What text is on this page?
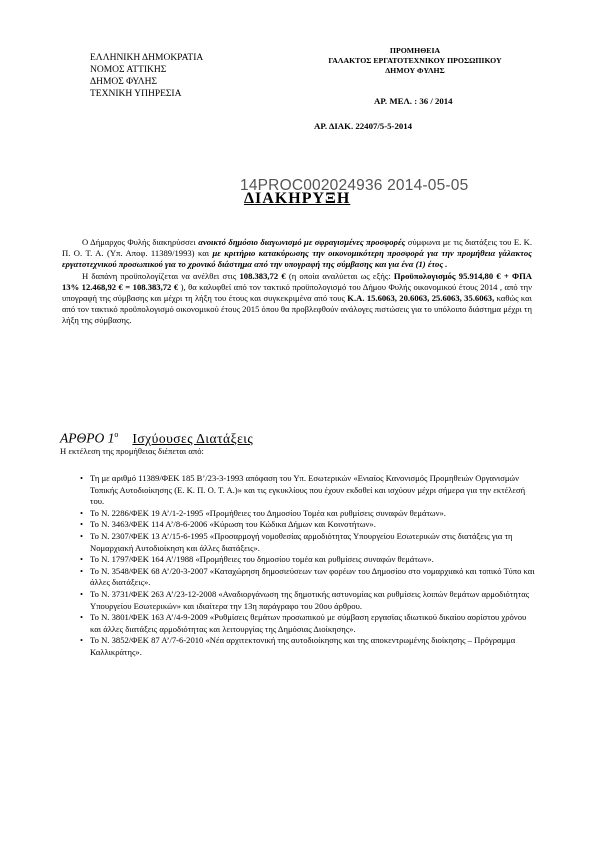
ΕΛΛΗΝΙΚΗ ΔΗΜΟΚΡΑΤΙΑ
ΝΟΜΟΣ ΑΤΤΙΚΗΣ
ΔΗΜΟΣ ΦΥΛΗΣ
ΤΕΧΝΙΚΗ ΥΠΗΡΕΣΙΑ
ΠΡΟΜΗΘΕΙΑ
ΓΑΛΑΚΤΟΣ ΕΡΓΑΤΟΤΕΧΝΙΚΟΥ ΠΡΟΣΩΠΙΚΟΥ
ΔΗΜΟΥ ΦΥΛΗΣ
ΑΡ. ΜΕΛ. : 36 / 2014
ΑΡ. ΔΙΑΚ. 22407/5-5-2014
14PROC002024936 2014-05-05
ΔΙΑΚΗΡΥΞΗ

Ο Δήμαρχος Φυλής διακηρύσσει ανοικτό δημόσιο διαγωνισμό με σφραγισμένες προσφορές σύμφωνα με τις διατάξεις του Ε. Κ. Π. Ο. Τ. Α. (Υπ. Αποφ. 11389/1993) και με κριτήριο κατακύρωσης την οικονομικότερη προσφορά για την προμήθεια γάλακτος εργατοτεχνικού προσωπικού για το χρονικό διάστημα από την υπογραφή της σύμβασης και για ένα (1) έτος .

Η δαπάνη προϋπολογίζεται να ανέλθει στις 108.383,72 € (η οποία αναλύεται ως εξής: Προϋπολογισμός 95.914,80 € + ΦΠΑ 13% 12.468,92 € = 108.383,72 € ), θα καλυφθεί από τον τακτικό προϋπολογισμό του Δήμου Φυλής οικονομικού έτους 2014 , από την υπογραφή της σύμβασης και μέχρι τη λήξη του έτους και συγκεκριμένα από τους Κ.Α. 15.6063, 20.6063, 25.6063, 35.6063, καθώς και από τον τακτικό προϋπολογισμό οικονομικού έτους 2015 όπου θα προβλεφθούν ανάλογες πιστώσεις για το υπόλοιπο διάστημα μέχρι τη λήξη της σύμβασης.

ΑΡΘΡΟ $1^o$ Ισχύουσες Διατάξεις
Η εκτέλεση της προμήθειας διέπεται από:

• Τη με αριθμό 11389/ΦΕΚ 185 Β’/23-3-1993 απόφαση του Υπ. Εσωτερικών «Ενιαίος Κανονισμός Προμηθειών Οργανισμών Τοπικής Αυτοδιοίκησης (Ε. Κ. Π. Ο. Τ. Α.)» και τις εγκυκλίους που έχουν εκδοθεί και ισχύουν μέχρι σήμερα για την εκτέλεσή του.

• Το Ν. 2286/ΦΕΚ 19 Α’/1-2-1995 «Προμήθειες του Δημοσίου Τομέα και ρυθμίσεις συναφών θεμάτων».

• Το Ν. 3463/ΦΕΚ 114 Α’/8-6-2006 «Κύρωση του Κώδικα Δήμων και Κοινοτήτων».

• Το Ν. 2307/ΦΕΚ 13 Α’/15-6-1995 «Προσαρμογή νομοθεσίας αρμοδιότητας Υπουργείου Εσωτερικών στις διατάξεις για τη Νομαρχιακή Αυτοδιοίκηση και άλλες διατάξεις».

• Το Ν. 1797/ΦΕΚ 164 Α’/1988 «Προμήθειες του δημοσίου τομέα και ρυθμίσεις συναφών θεμάτων».

• Το Ν. 3548/ΦΕΚ 68 Α’/20-3-2007 «Καταχώρηση δημοσιεύσεων των φορέων του Δημοσίου στο νομαρχιακό και τοπικό Τύπο και άλλες διατάξεις».

• Το Ν. 3731/ΦΕΚ 263 Α’/23-12-2008 «Αναδιοργάνωση της δημοτικής αστυνομίας και ρυθμίσεις λοιπών θεμάτων αρμοδιότητας Υπουργείου Εσωτερικών» και ιδιαίτερα την 13η παράγραφο του 20ου άρθρου.

• Το Ν. 3801/ΦΕΚ 163 Α’/4-9-2009 «Ρυθμίσεις θεμάτων προσωπικού με σύμβαση εργασίας ιδιωτικού δικαίου αορίστου χρόνου και άλλες διατάξεις αρμοδιότητας και λειτουργίας της Δημόσιας Διοίκησης».

• Το Ν. 3852/ΦΕΚ 87 Α’/7-6-2010 «Νέα αρχιτεκτονική της αυτοδιοίκησης και της αποκεντρωμένης διοίκησης – Πρόγραμμα Καλλικράτης».
